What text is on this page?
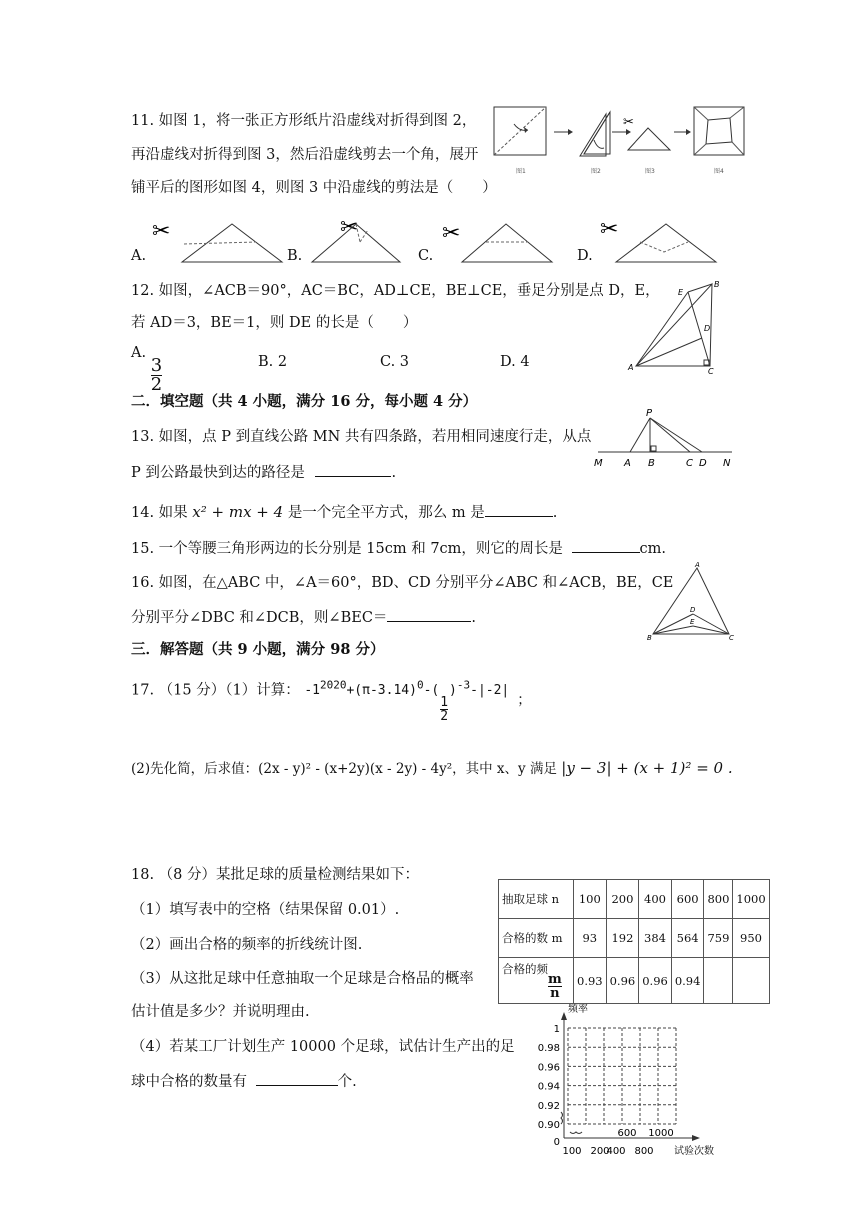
11. 如图 1，将一张正方形纸片沿虚线对折得到图 2，
再沿虚线对折得到图 3，然后沿虚线剪去一个角，展开
铺平后的图形如图 4，则图 3 中沿虚线的剪法是（　　）
✂
图1	图2	图3	图4
A.
✂
B.
✂
C.
✂
D.
✂
12. 如图，∠ACB＝90°，AC＝BC，AD⊥CE，BE⊥CE，垂足分别是点 D，E，
若 AD＝3，BE＝1，则 DE 的长是（　　）
A.
$\frac{3}{2}$	B. 2	C. 3	D. 4
E
B
D
A	C
二．填空题（共 4 小题，满分 16 分，每小题 4 分）
13. 如图，点 P 到直线公路 MN 共有四条路，若用相同速度行走，从点
P 到公路最快到达的路径是	.
P
M A B	C D N
14. 如果 x² + mx + 4 是一个完全平方式，那么 m 是	.
15. 一个等腰三角形两边的长分别是 15cm 和 7cm，则它的周长是	cm.
16. 如图，在△ABC 中，∠A＝60°，BD、CD 分别平分∠ABC 和∠ACB，BE，CE
分别平分∠DBC 和∠DCB，则∠BEC＝	.
A
D
E
B	C
三．解答题（共 9 小题，满分 98 分）
17. （15 分）（1）计算： $-1^{2020}+(\pi-3.14)^0-$(
$\frac{1}{2}$
)$^{-3}$-|-2| ；
(2)先化简，后求值：(2x - y)² - (x+2y)(x - 2y) - 4y²，其中 x、y 满足 |y − 3| + (x + 1)² = 0 .
18. （8 分）某批足球的质量检测结果如下：
（1）填写表中的空格（结果保留 0.01）.
（2）画出合格的频率的折线统计图.
（3）从这批足球中任意抽取一个足球是合格品的概率
估计值是多少？并说明理由.
（4）若某工厂计划生产 10000 个足球，试估计生产出的足
球中合格的数量有	个.
抽取足球 n	100	200	400	600	800	1000
合格的数 m	93	192	384	564	759	950
合格的频
$\frac{m}{n}$	0.93	0.96	0.96	0.94		
频率
试验次数
1
0.98
0.96
0.94
0.92
0.90
0
100 200
400 800
600 1000
